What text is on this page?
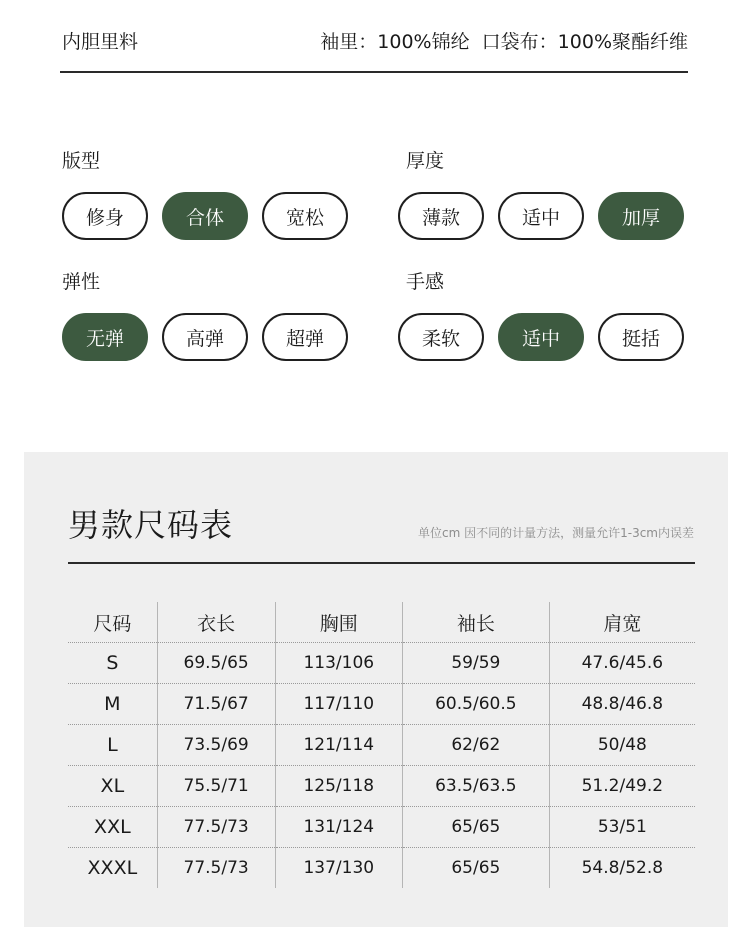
内胆里料	袖里：100%锦纶  口袋布：100%聚酯纤维
版型
修身	合体	宽松
厚度
薄款	适中	加厚
弹性
无弹	高弹	超弹
手感
柔软	适中	挺括
男款尺码表	单位cm 因不同的计量方法，测量允许1-3cm内误差
尺码	衣长	胸围	袖长	肩宽
S	69.5/65	113/106	59/59	47.6/45.6
M	71.5/67	117/110	60.5/60.5	48.8/46.8
L	73.5/69	121/114	62/62	50/48
XL	75.5/71	125/118	63.5/63.5	51.2/49.2
XXL	77.5/73	131/124	65/65	53/51
XXXL	77.5/73	137/130	65/65	54.8/52.8
